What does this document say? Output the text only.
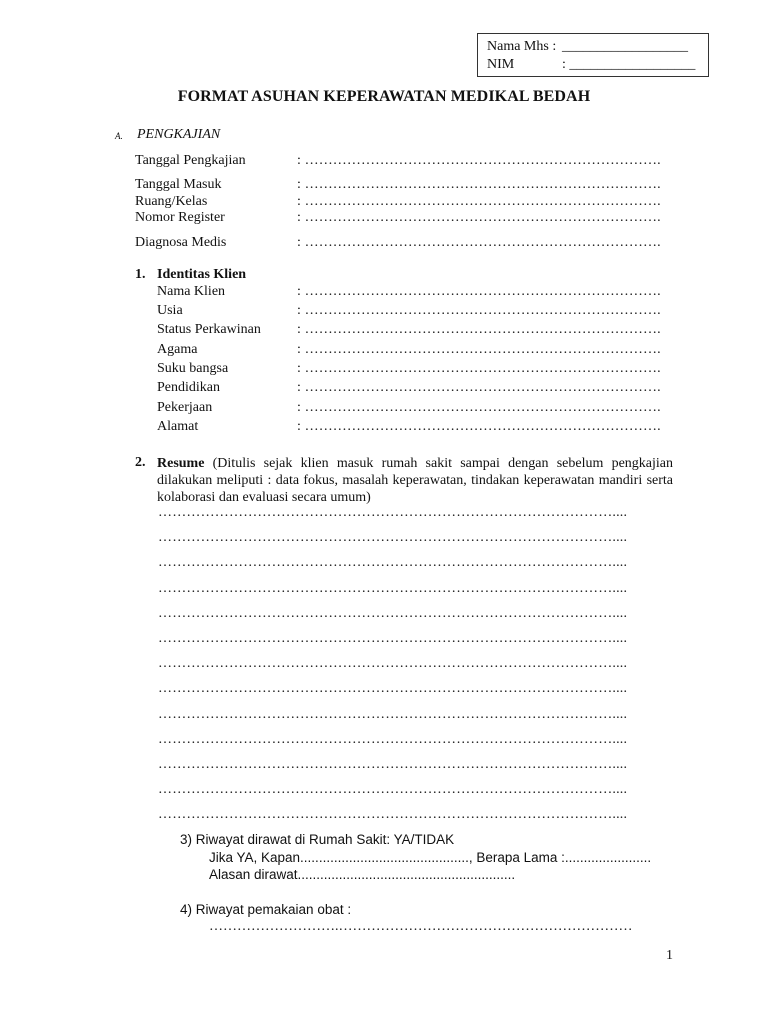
Nama Mhs : __________________
NIM	: __________________
FORMAT ASUHAN KEPERAWATAN MEDIKAL BEDAH
A. PENGKAJIAN
Tanggal Pengkajian	: ………………………………………………………………….
Tanggal Masuk	: ………………………………………………………………….
Ruang/Kelas	: ………………………………………………………………….
Nomor Register	: ………………………………………………………………….
Diagnosa Medis	: ………………………………………………………………….
1. Identitas Klien
Nama Klien	: ………………………………………………………………….
Usia	: ………………………………………………………………….
Status Perkawinan	: ………………………………………………………………….
Agama	: ………………………………………………………………….
Suku bangsa	: ………………………………………………………………….
Pendidikan	: ………………………………………………………………….
Pekerjaan	: ………………………………………………………………….
Alamat	: ………………………………………………………………….
2. Resume (Ditulis sejak klien masuk rumah sakit sampai dengan sebelum pengkajian dilakukan meliputi : data fokus, masalah keperawatan, tindakan keperawatan mandiri serta kolaborasi dan evaluasi secara umum)
……………………………………………………………………………………....
……………………………………………………………………………………....
……………………………………………………………………………………....
……………………………………………………………………………………....
……………………………………………………………………………………....
……………………………………………………………………………………....
……………………………………………………………………………………....
……………………………………………………………………………………....
……………………………………………………………………………………....
……………………………………………………………………………………....
……………………………………………………………………………………....
……………………………………………………………………………………....
……………………………………………………………………………………....
3) Riwayat dirawat di Rumah Sakit: YA/TIDAK
Jika YA, Kapan............................................., Berapa Lama :.......................
Alasan dirawat..........................................................
4) Riwayat pemakaian obat :
……………………….………………………………………………………
1
